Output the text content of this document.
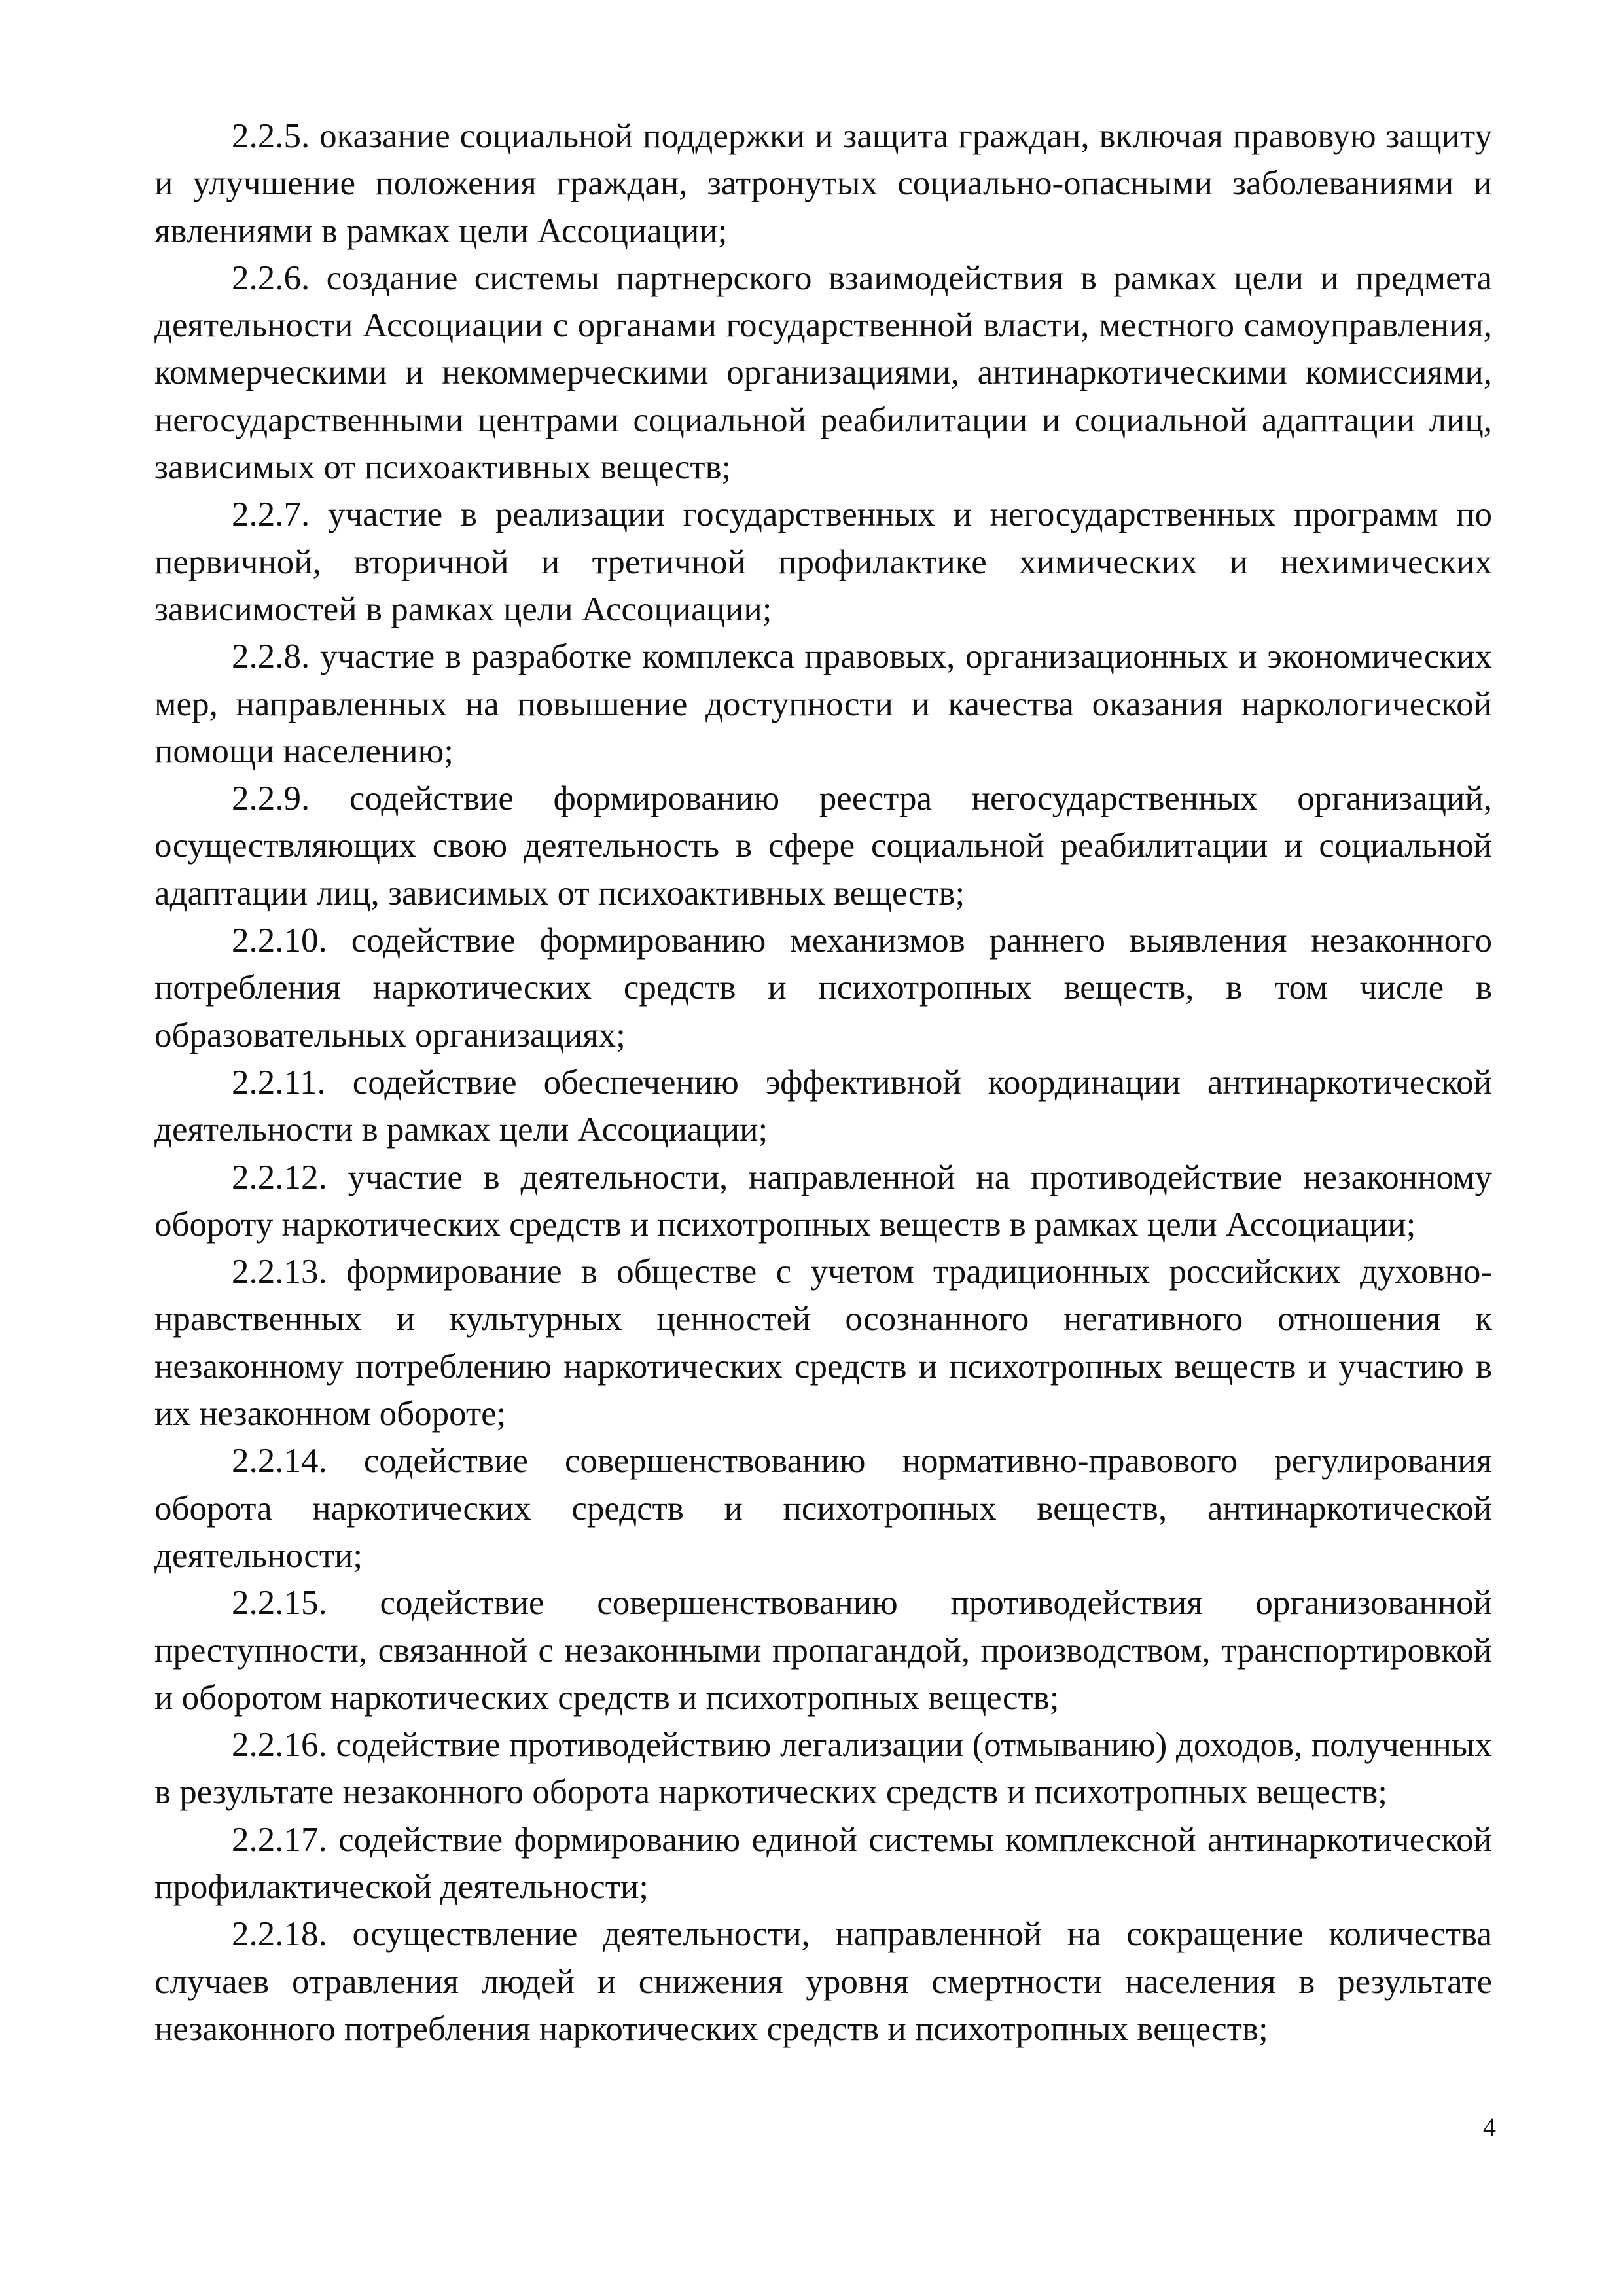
2.2.5. оказание социальной поддержки и защита граждан, включая правовую защиту и улучшение положения граждан, затронутых социально-опасными заболеваниями и явлениями в рамках цели Ассоциации;

2.2.6. создание системы партнерского взаимодействия в рамках цели и предмета деятельности Ассоциации с органами государственной власти, местного самоуправления, коммерческими и некоммерческими организациями, антинаркотическими комиссиями, негосударственными центрами социальной реабилитации и социальной адаптации лиц, зависимых от психоактивных веществ;

2.2.7. участие в реализации государственных и негосударственных программ по первичной, вторичной и третичной профилактике химических и нехимических зависимостей в рамках цели Ассоциации;

2.2.8. участие в разработке комплекса правовых, организационных и экономических мер, направленных на повышение доступности и качества оказания наркологической помощи населению;

2.2.9. содействие формированию реестра негосударственных организаций, осуществляющих свою деятельность в сфере социальной реабилитации и социальной адаптации лиц, зависимых от психоактивных веществ;

2.2.10. содействие формированию механизмов раннего выявления незаконного потребления наркотических средств и психотропных веществ, в том числе в образовательных организациях;

2.2.11. содействие обеспечению эффективной координации антинаркотической деятельности в рамках цели Ассоциации;

2.2.12. участие в деятельности, направленной на противодействие незаконному обороту наркотических средств и психотропных веществ в рамках цели Ассоциации;

2.2.13. формирование в обществе с учетом традиционных российских духовно-нравственных и культурных ценностей осознанного негативного отношения к незаконному потреблению наркотических средств и психотропных веществ и участию в их незаконном обороте;

2.2.14. содействие совершенствованию нормативно-правового регулирования оборота наркотических средств и психотропных веществ, антинаркотической деятельности;

2.2.15. содействие совершенствованию противодействия организованной преступности, связанной с незаконными пропагандой, производством, транспортировкой и оборотом наркотических средств и психотропных веществ;

2.2.16. содействие противодействию легализации (отмыванию) доходов, полученных в результате незаконного оборота наркотических средств и психотропных веществ;

2.2.17. содействие формированию единой системы комплексной антинаркотической профилактической деятельности;

2.2.18. осуществление деятельности, направленной на сокращение количества случаев отравления людей и снижения уровня смертности населения в результате незаконного потребления наркотических средств и психотропных веществ;

4
